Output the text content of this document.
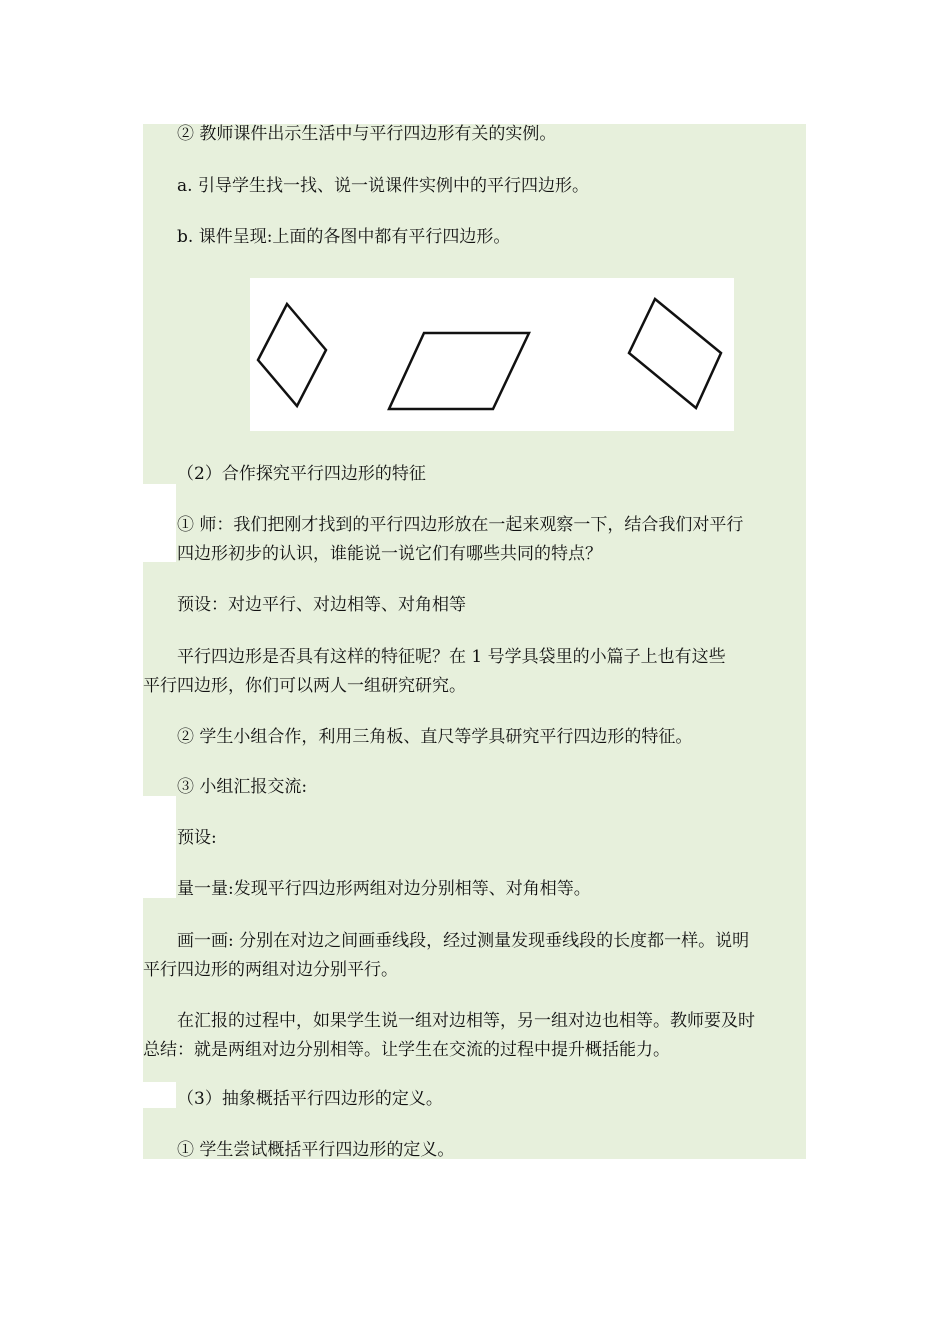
② 教师课件出示生活中与平行四边形有关的实例。
a. 引导学生找一找、说一说课件实例中的平行四边形。
b. 课件呈现:上面的各图中都有平行四边形。
（2）合作探究平行四边形的特征
① 师：我们把刚才找到的平行四边形放在一起来观察一下，结合我们对平行
四边形初步的认识，谁能说一说它们有哪些共同的特点？
预设：对边平行、对边相等、对角相等
平行四边形是否具有这样的特征呢？在 1 号学具袋里的小篇子上也有这些
平行四边形，你们可以两人一组研究研究。
② 学生小组合作，利用三角板、直尺等学具研究平行四边形的特征。
③ 小组汇报交流:
预设:
量一量:发现平行四边形两组对边分别相等、对角相等。
画一画: 分别在对边之间画垂线段，经过测量发现垂线段的长度都一样。说明
平行四边形的两组对边分别平行。
在汇报的过程中，如果学生说一组对边相等，另一组对边也相等。教师要及时
总结：就是两组对边分别相等。让学生在交流的过程中提升概括能力。
（3）抽象概括平行四边形的定义。
① 学生尝试概括平行四边形的定义。
